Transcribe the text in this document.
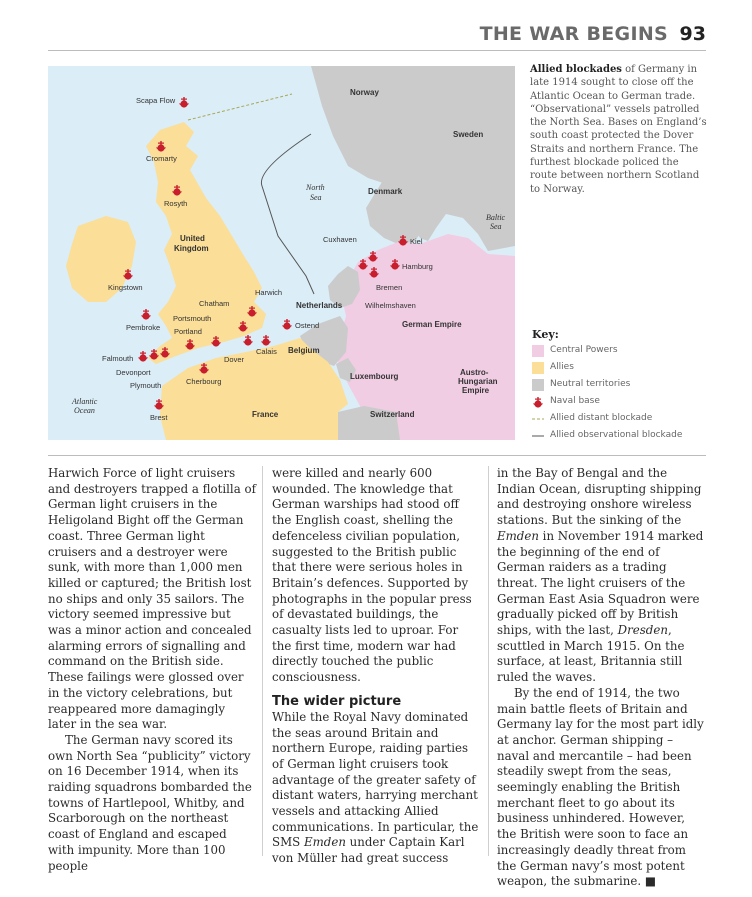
THE WAR BEGINS 93
North
Sea
Baltic
Sea
Atlantic
Ocean
Norway
Sweden
Denmark
United
Kingdom
Netherlands
Belgium
German Empire
Luxembourg
France	Switzerland
Austro-
Hungarian
Empire
Scapa Flow
Cromarty
Rosyth
Kingstown
Harwich
Chatham
Portsmouth
Portland
Pembroke
Falmouth
Devonport
Plymouth
Dover
Calais
Cherbourg
Ostend
Brest
Cuxhaven	Kiel
Hamburg
Bremen
Wilhelmshaven
Allied blockades of Germany in late 1914 sought to close off the Atlantic Ocean to German trade. “Observational” vessels patrolled the North Sea. Bases on England’s south coast protected the Dover Straits and northern France. The furthest blockade policed the route between northern Scotland to Norway.
Key:
Central Powers
Allies
Neutral territories
Naval base
Allied distant blockade
Allied observational blockade

Harwich Force of light cruisers and destroyers trapped a flotilla of German light cruisers in the Heligoland Bight off the German coast. Three German light cruisers and a destroyer were sunk, with more than 1,000 men killed or captured; the British lost no ships and only 35 sailors. The victory seemed impressive but was a minor action and concealed alarming errors of signalling and command on the British side. These failings were glossed over in the victory celebrations, but reappeared more damagingly later in the sea war.

The German navy scored its own North Sea “publicity” victory on 16 December 1914, when its raiding squadrons bombarded the towns of Hartlepool, Whitby, and Scarborough on the northeast coast of England and escaped with impunity. More than 100 people

were killed and nearly 600 wounded. The knowledge that German warships had stood off the English coast, shelling the defenceless civilian population, suggested to the British public that there were serious holes in Britain’s defences. Supported by photographs in the popular press of devastated buildings, the casualty lists led to uproar. For the first time, modern war had directly touched the public consciousness.

The wider picture

While the Royal Navy dominated the seas around Britain and northern Europe, raiding parties of German light cruisers took advantage of the greater safety of distant waters, harrying merchant vessels and attacking Allied communications. In particular, the SMS Emden under Captain Karl von Müller had great success

in the Bay of Bengal and the Indian Ocean, disrupting shipping and destroying onshore wireless stations. But the sinking of the Emden in November 1914 marked the beginning of the end of German raiders as a trading threat. The light cruisers of the German East Asia Squadron were gradually picked off by British ships, with the last, Dresden, scuttled in March 1915. On the surface, at least, Britannia still ruled the waves.

By the end of 1914, the two main battle fleets of Britain and Germany lay for the most part idly at anchor. German shipping – naval and mercantile – had been steadily swept from the seas, seemingly enabling the British merchant fleet to go about its business unhindered. However, the British were soon to face an increasingly deadly threat from the German navy’s most potent weapon, the submarine. ■
